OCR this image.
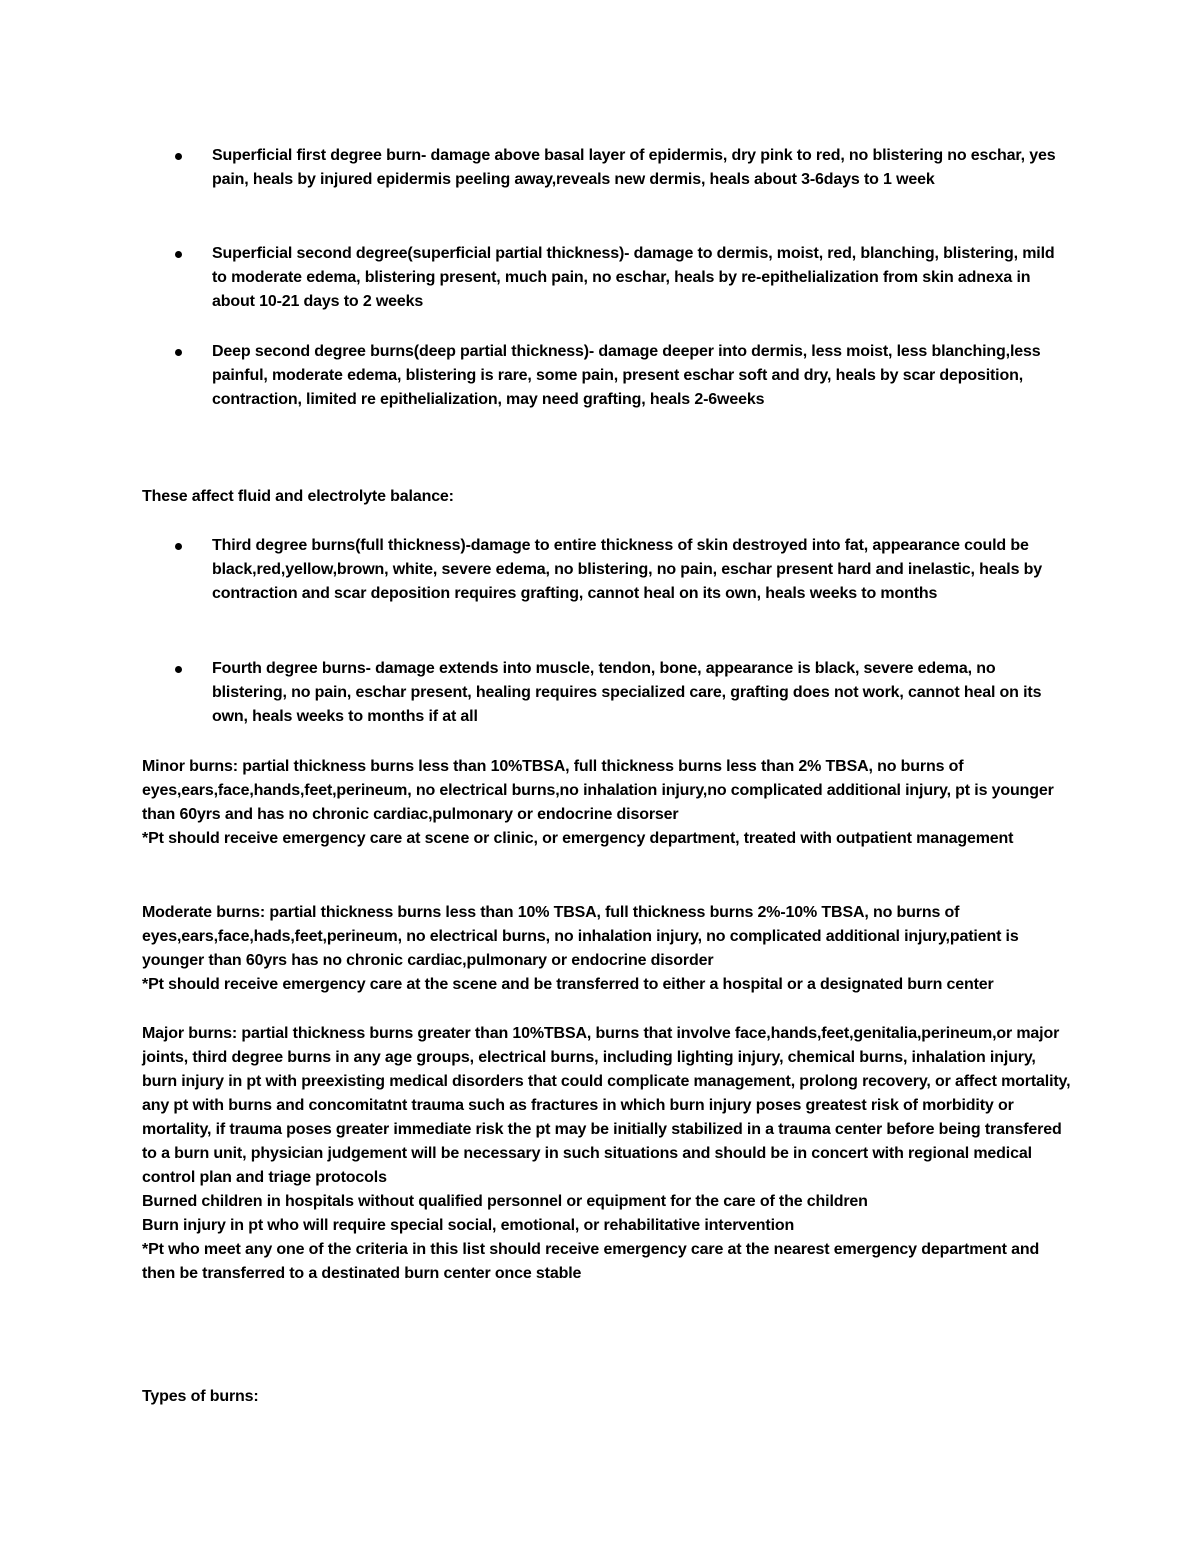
Superficial first degree burn- damage above basal layer of epidermis, dry pink to red, no blistering no eschar, yes pain, heals by injured epidermis peeling away,reveals new dermis, heals about 3-6days to 1 week
Superficial second degree(superficial partial thickness)- damage to dermis, moist, red, blanching, blistering, mild to moderate edema, blistering present, much pain, no eschar, heals by re-epithelialization from skin adnexa in about 10-21 days to 2 weeks
Deep second degree burns(deep partial thickness)- damage deeper into dermis, less moist, less blanching,less painful, moderate edema, blistering is rare, some pain, present eschar soft and dry, heals by scar deposition, contraction, limited re epithelialization, may need grafting, heals 2-6weeks
These affect fluid and electrolyte balance:
Third degree burns(full thickness)-damage to entire thickness of skin destroyed into fat, appearance could be black,red,yellow,brown, white, severe edema, no blistering, no pain, eschar present hard and inelastic, heals by contraction and scar deposition requires grafting, cannot heal on its own, heals weeks to months
Fourth degree burns- damage extends into muscle, tendon, bone, appearance is black, severe edema, no blistering, no pain, eschar present, healing requires specialized care, grafting does not work, cannot heal on its own, heals weeks to months if at all
Minor burns: partial thickness burns less than 10%TBSA, full thickness burns less than 2% TBSA, no burns of eyes,ears,face,hands,feet,perineum, no electrical burns,no inhalation injury,no complicated additional injury, pt is younger than 60yrs and has no chronic cardiac,pulmonary or endocrine disorser
*Pt should receive emergency care at scene or clinic, or emergency department, treated with outpatient management
Moderate burns: partial thickness burns less than 10% TBSA, full thickness burns 2%-10% TBSA, no burns of eyes,ears,face,hads,feet,perineum, no electrical burns, no inhalation injury, no complicated additional injury,patient is younger than 60yrs has no chronic cardiac,pulmonary or endocrine disorder
*Pt should receive emergency care at the scene and be transferred to either a hospital or a designated burn center
Major burns: partial thickness burns greater than 10%TBSA, burns that involve face,hands,feet,genitalia,perineum,or major joints, third degree burns in any age groups, electrical burns, including lighting injury, chemical burns, inhalation injury, burn injury in pt with preexisting medical disorders that could complicate management, prolong recovery, or affect mortality, any pt with burns and concomitatnt trauma such as fractures in which burn injury poses greatest risk of morbidity or mortality, if trauma poses greater immediate risk the pt may be initially stabilized in a trauma center before being transfered to a burn unit, physician judgement will be necessary in such situations and should be in concert with regional medical control plan and triage protocols
Burned children in hospitals without qualified personnel or equipment for the care of the children
Burn injury in pt who will require special social, emotional, or rehabilitative intervention
*Pt who meet any one of the criteria in this list should receive emergency care at the nearest emergency department and then be transferred to a destinated burn center once stable
Types of burns:
